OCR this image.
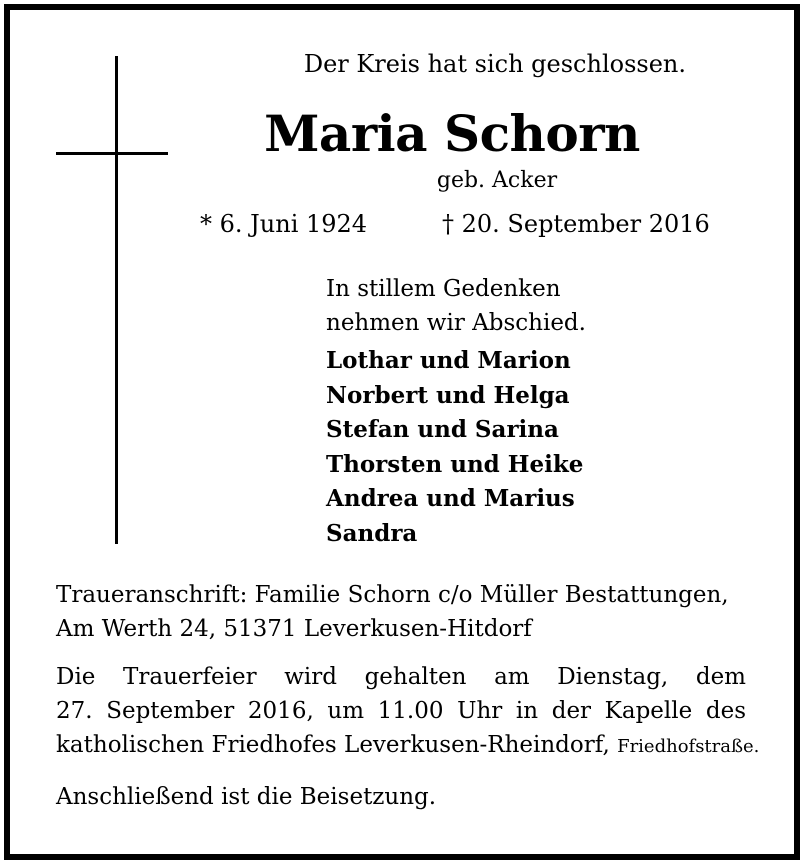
Der Kreis hat sich geschlossen.
Maria Schorn
geb. Acker
* 6. Juni 1924	† 20. September 2016
In stillem Gedenken
nehmen wir Abschied.
Lothar und Marion
Norbert und Helga
Stefan und Sarina
Thorsten und Heike
Andrea und Marius
Sandra
Traueranschrift: Familie Schorn c/o Müller Bestattungen,
Am Werth 24, 51371 Leverkusen-Hitdorf
Die Trauerfeier wird gehalten am Dienstag, dem
27. September 2016, um 11.00 Uhr in der Kapelle des
katholischen Friedhofes Leverkusen-Rheindorf, Friedhofstraße.
Anschließend ist die Beisetzung.
